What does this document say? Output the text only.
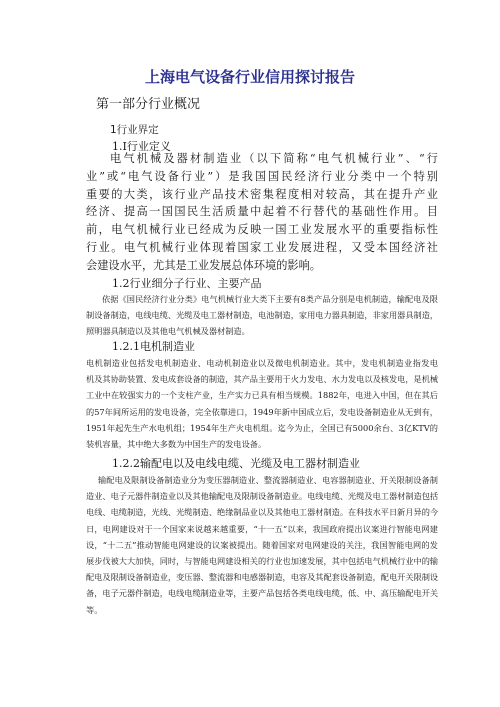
上海电气设备行业信用探讨报告
第一部分行业概况
1行业界定
1.I行业定义
电气机械及器材制造业（以下简称“电气机械行业”、“行
业”或“电气设备行业”）是我国国民经济行业分类中一个特别
重要的大类，该行业产品技术密集程度相对较高，其在提升产业
经济、提高一国国民生活质量中起着不行替代的基础性作用。目
前，电气机械行业已经成为反映一国工业发展水平的重要指标性
行业。电气机械行业体现着国家工业发展进程，又受本国经济社
会建设水平，尤其是工业发展总体环境的影响。
1.2行业细分子行业、主要产品
依据《国民经济行业分类》电气机械行业大类下主要有8类产品分别是电机制造，输配电及限
制设备制造，电线电缆、光缆及电工器材制造，电池制造，家用电力器具制造，非家用器具制造，
照明器具制造以及其他电气机械及器材制造。
1.2.1电机制造业
电机制造业包括发电机制造业、电动机制造业以及微电机制造业。其中，发电机制造业指发电
机及其协助装置、发电成套设备的制造，其产品主要用于火力发电、水力发电以及核发电，是机械
工业中在较强实力的一个支柱产业，生产实力已具有相当规模。1882年，电进入中国，但在其后
的57年间所运用的发电设备，完全依靠进口，1949年新中国成立后，发电设备制造业从无到有，
1951年起先生产水电机组；1954年生产火电机组。迄今为止，全国已有5000余台、3亿KTV的
装机容量，其中绝大多数为中国生产的发电设备。
1.2.2输配电以及电线电缆、光缆及电工器材制造业
输配电及限制设备制造业分为变压器制造业、整流器制造业、电容器制造业、开关限制设备制
造业、电子元器件制造业以及其他输配电及限制设备制造业。电线电缆、光缆及电工器材制造包括
电线、电缆制造，光线、光缆制造、绝缘制品业以及其他电工器材制造。在科技水平日新月异的今
日，电网建设对于一个国家来说越来越重要，“十一五”以来，我国政府提出议案进行智能电网建
设，“十二五”推动智能电网建设的议案被提出。随着国家对电网建设的关注，我国智能电网的发
展步伐被大大加快，同时，与智能电网建设相关的行业也加速发展，其中包括电气机械行业中的输
配电及限制设备制造业，变压器、整流器和电感器制造，电容及其配套设备制造，配电开关限制设
备，电子元器件制造，电线电缆制造业等，主要产品包括各类电线电缆，低、中、高压输配电开关
等。
